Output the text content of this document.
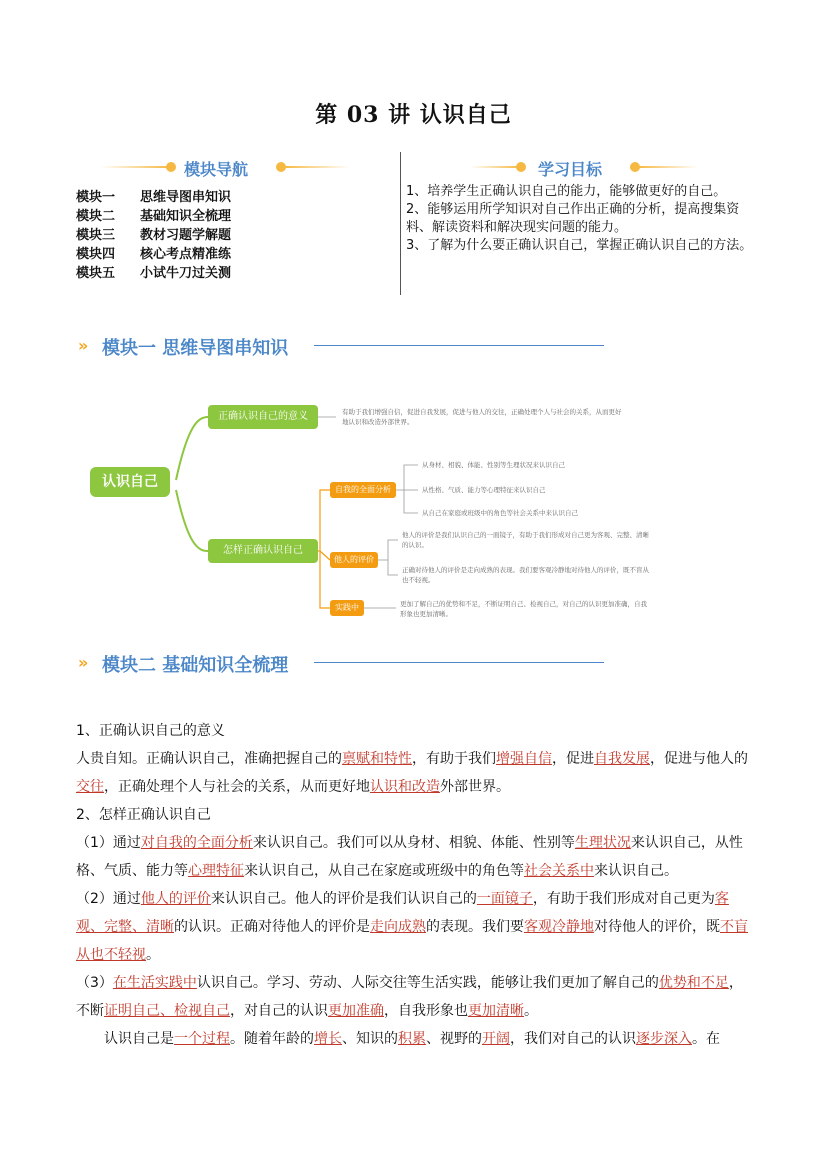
第 03 讲 认识自己
模块导航
模块一 思维导图串知识
模块二 基础知识全梳理
模块三 教材习题学解题
模块四 核心考点精准练
模块五 小试牛刀过关测
学习目标
1、培养学生正确认识自己的能力，能够做更好的自己。
2、能够运用所学知识对自己作出正确的分析，提高搜集资料、解读资料和解决现实问题的能力。
3、了解为什么要正确认识自己，掌握正确认识自己的方法。
» 模块一 思维导图串知识
认识自己
正确认识自己的意义	有助于我们增强自信，促进自我发展，促进与他人的交往，正确处理个人与社会的关系，从而更好地认识和改造外部世界。
怎样正确认识自己
自我的全面分析
从身材、相貌、体能、性别等生理状况来认识自己
从性格、气质、能力等心理特征来认识自己
从自己在家庭或班级中的角色等社会关系中来认识自己
他人的评价
他人的评价是我们认识自己的一面镜子，有助于我们形成对自己更为客观、完整、清晰的认识。
正确对待他人的评价是走向成熟的表现。我们要客观冷静地对待他人的评价，既不盲从也不轻视。
实践中	更加了解自己的优势和不足，不断证明自己、检视自己，对自己的认识更加准确，自我形象也更加清晰。
» 模块二 基础知识全梳理
1、正确认识自己的意义
人贵自知。正确认识自己，准确把握自己的禀赋和特性，有助于我们增强自信，促进自我发展，促进与他人的交往，正确处理个人与社会的关系，从而更好地认识和改造外部世界。
2、怎样正确认识自己
（1）通过对自我的全面分析来认识自己。我们可以从身材、相貌、体能、性别等生理状况来认识自己，从性格、气质、能力等心理特征来认识自己，从自己在家庭或班级中的角色等社会关系中来认识自己。
（2）通过他人的评价来认识自己。他人的评价是我们认识自己的一面镜子，有助于我们形成对自己更为客观、完整、清晰的认识。正确对待他人的评价是走向成熟的表现。我们要客观冷静地对待他人的评价，既不盲从也不轻视。
（3）在生活实践中认识自己。学习、劳动、人际交往等生活实践，能够让我们更加了解自己的优势和不足，不断证明自己、检视自己，对自己的认识更加准确，自我形象也更加清晰。
认识自己是一个过程。随着年龄的增长、知识的积累、视野的开阔，我们对自己的认识逐步深入。在
